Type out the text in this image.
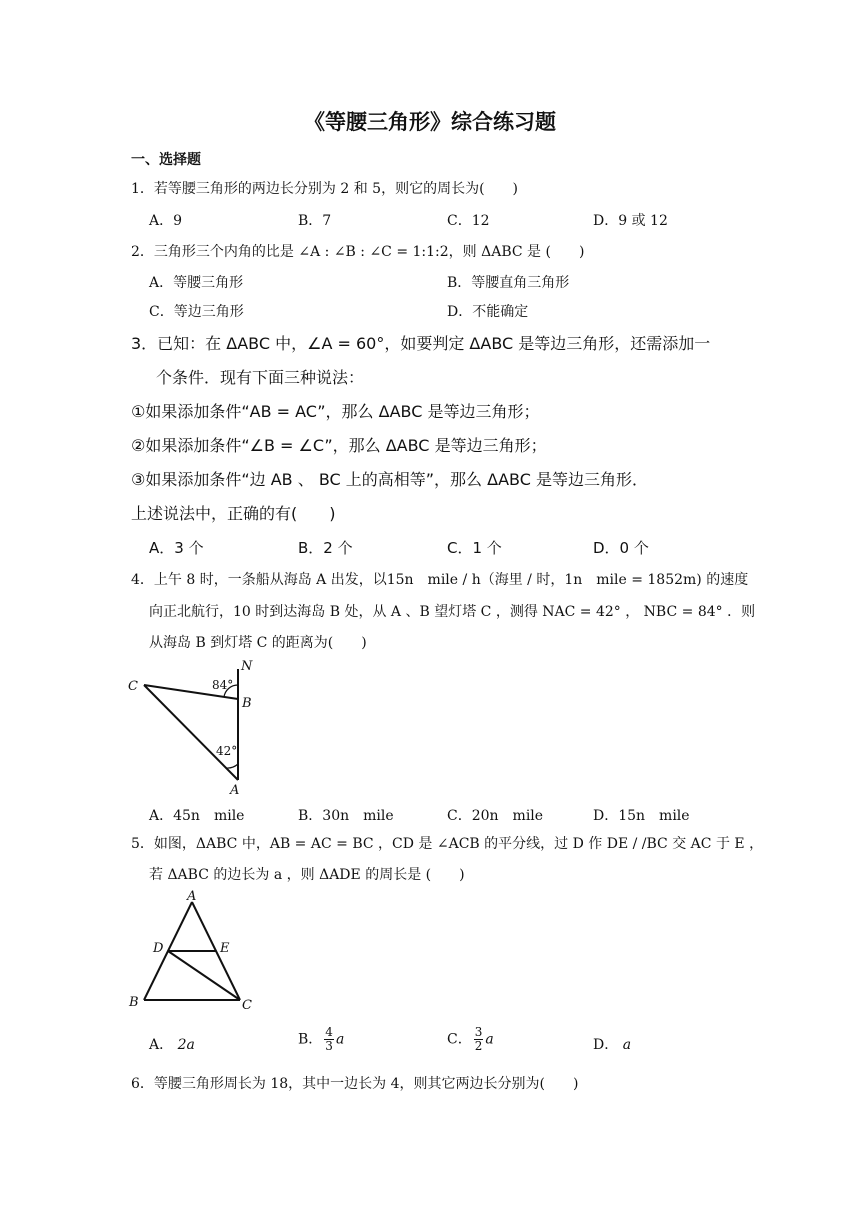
《等腰三角形》综合练习题
一、选择题
1．若等腰三角形的两边长分别为 2 和 5，则它的周长为(　　)
A．9	B．7	C．12	D．9 或 12
2．三角形三个内角的比是 ∠A : ∠B : ∠C = 1:1:2，则 ΔABC 是 (　　)
A．等腰三角形	B．等腰直角三角形
C．等边三角形	D．不能确定
3．已知：在 ΔABC 中，∠A = 60°，如要判定 ΔABC 是等边三角形，还需添加一
个条件．现有下面三种说法：
①如果添加条件“AB = AC”，那么 ΔABC 是等边三角形；
②如果添加条件“∠B = ∠C”，那么 ΔABC 是等边三角形；
③如果添加条件“边 AB 、 BC 上的高相等”，那么 ΔABC 是等边三角形．
上述说法中，正确的有(　　)
A．3 个	B．2 个	C．1 个	D．0 个
4．上午 8 时，一条船从海岛 A 出发，以15n　mile / h（海里 / 时，1n　mile = 1852m) 的速度
向正北航行，10 时到达海岛 B 处，从 A 、B 望灯塔 C ，测得 NAC = 42° ， NBC = 84° ．则
从海岛 B 到灯塔 C 的距离为(　　)
N
C
B
A
84°
42°
A．45n　mile	B．30n　mile	C．20n　mile	D．15n　mile
5．如图，ΔABC 中，AB = AC = BC ，CD 是 ∠ACB 的平分线，过 D 作 DE / /BC 交 AC 于 E ，
若 ΔABC 的边长为 a ，则 ΔADE 的周长是 (　　)
A
D	E
B	C
A． 2a	B． $\frac{4}{3}$ a	C． $\frac{3}{2}$ a	D． a
6．等腰三角形周长为 18，其中一边长为 4，则其它两边长分别为(　　)
